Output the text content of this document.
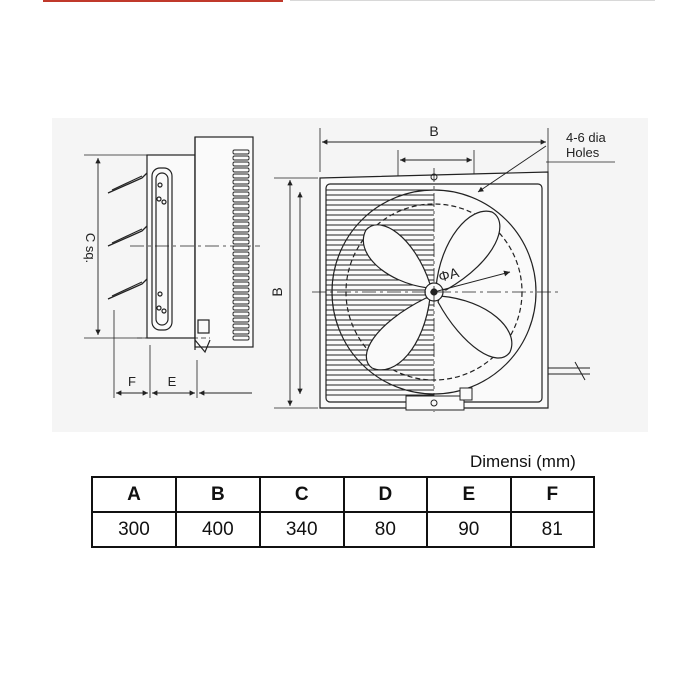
C sq.
F E
B
B
4-6 dia Holes
ΦA
Dimensi (mm)
A	B	C	D	E	F
300	400	340	80	90	81
